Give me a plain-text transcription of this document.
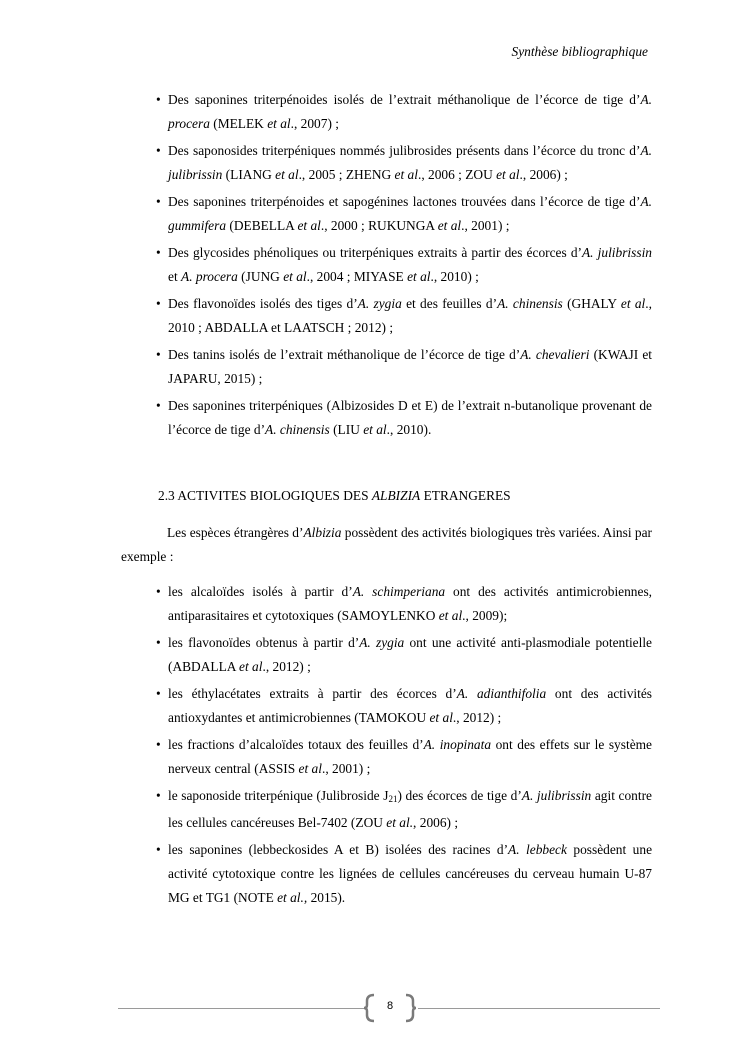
Synthèse bibliographique
• Des saponines triterpénoides isolés de l’extrait méthanolique de l’écorce de tige d’A. procera (MELEK et al., 2007) ;
• Des saponosides triterpéniques nommés julibrosides présents dans l’écorce du tronc d’A. julibrissin (LIANG et al., 2005 ; ZHENG et al., 2006 ; ZOU et al., 2006) ;
• Des saponines triterpénoides et sapogénines lactones trouvées dans l’écorce de tige d’A. gummifera (DEBELLA et al., 2000 ; RUKUNGA et al., 2001) ;
• Des glycosides phénoliques ou triterpéniques extraits à partir des écorces d’A. julibrissin et A. procera (JUNG et al., 2004 ; MIYASE et al., 2010) ;
• Des flavonoïdes isolés des tiges d’A. zygia et des feuilles d’A. chinensis (GHALY et al., 2010 ; ABDALLA et LAATSCH ; 2012) ;
• Des tanins isolés de l’extrait méthanolique de l’écorce de tige d’A. chevalieri (KWAJI et JAPARU, 2015) ;
• Des saponines triterpéniques (Albizosides D et E) de l’extrait n-butanolique provenant de l’écorce de tige d’A. chinensis (LIU et al., 2010).
2.3 ACTIVITES BIOLOGIQUES DES ALBIZIA ETRANGERES

Les espèces étrangères d’Albizia possèdent des activités biologiques très variées. Ainsi par exemple :

• les alcaloïdes isolés à partir d’A. schimperiana ont des activités antimicrobiennes, antiparasitaires et cytotoxiques (SAMOYLENKO et al., 2009);
• les flavonoïdes obtenus à partir d’A. zygia ont une activité anti-plasmodiale potentielle (ABDALLA et al., 2012) ;
• les éthylacétates extraits à partir des écorces d’A. adianthifolia ont des activités antioxydantes et antimicrobiennes (TAMOKOU et al., 2012) ;
• les fractions d’alcaloïdes totaux des feuilles d’A. inopinata ont des effets sur le système nerveux central (ASSIS et al., 2001) ;
• le saponoside triterpénique (Julibroside $J_{21}$) des écorces de tige d’A. julibrissin agit contre les cellules cancéreuses Bel-7402 (ZOU et al., 2006) ;
• les saponines (lebbeckosides A et B) isolées des racines d’A. lebbeck possèdent une activité cytotoxique contre les lignées de cellules cancéreuses du cerveau humain U-87 MG et TG1 (NOTE et al., 2015).
8
